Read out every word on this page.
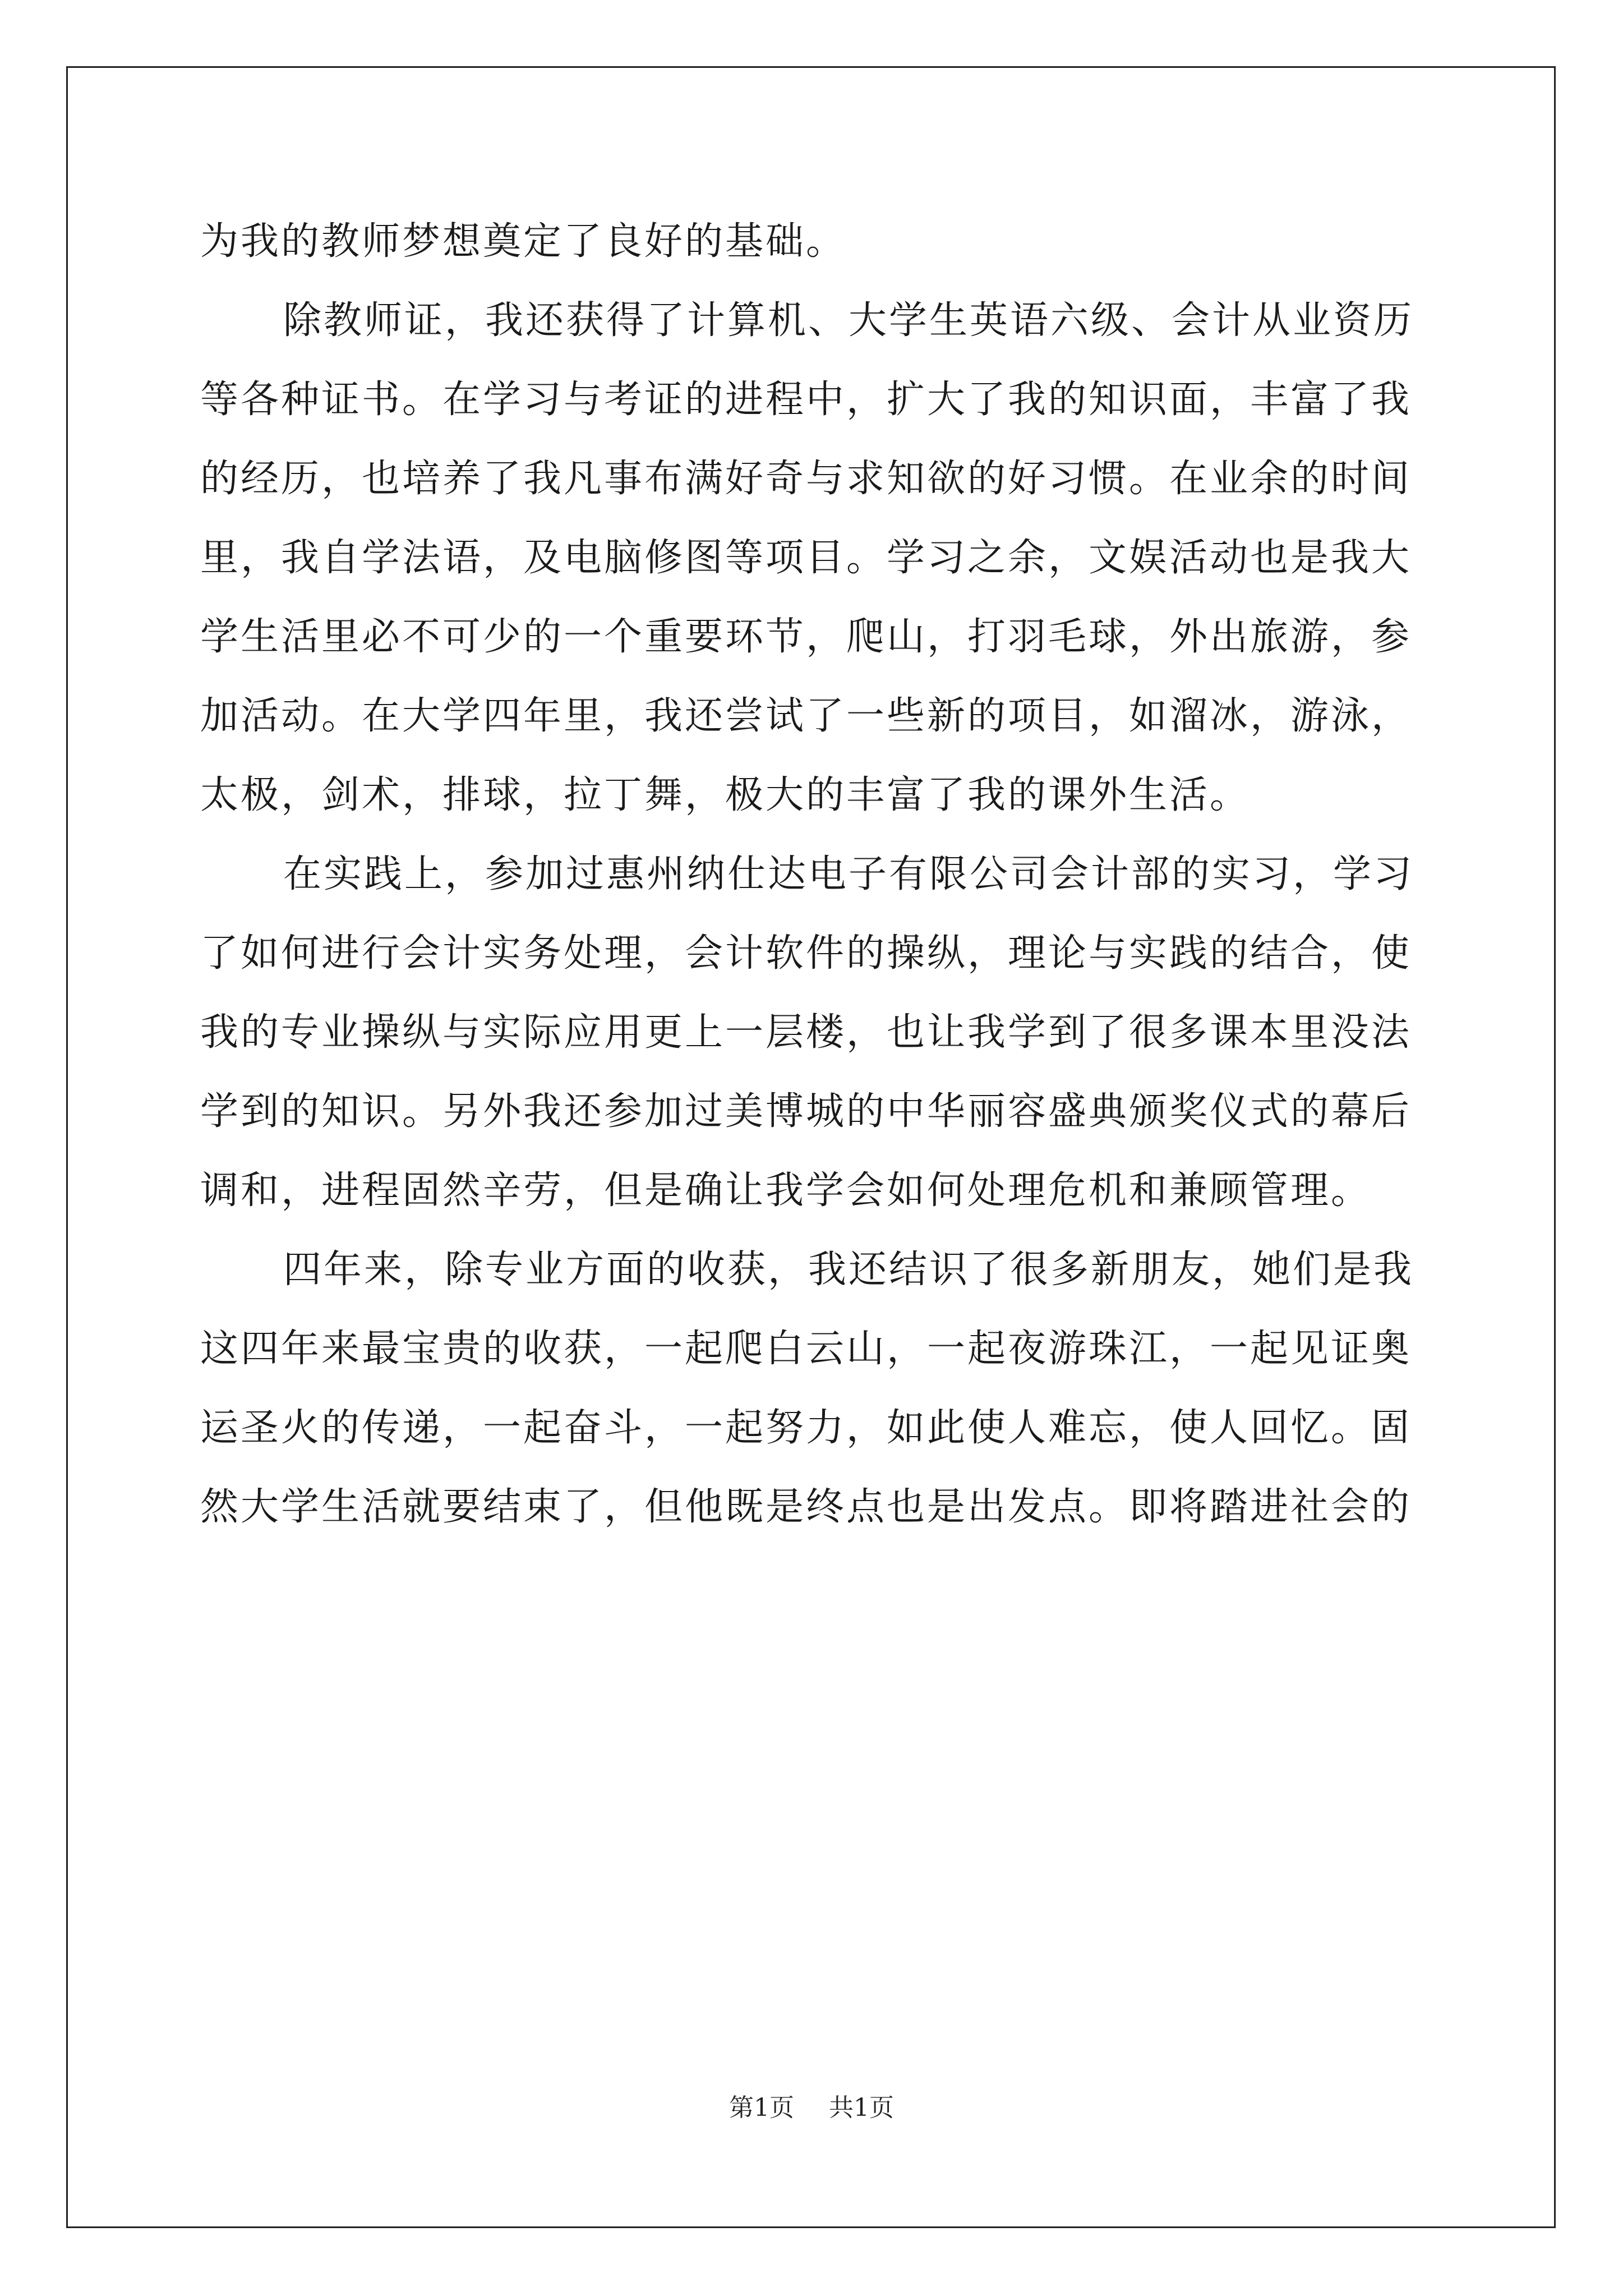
为我的教师梦想奠定了良好的基础。
除教师证，我还获得了计算机、大学生英语六级、会计从业资历
等各种证书。在学习与考证的进程中，扩大了我的知识面，丰富了我
的经历，也培养了我凡事布满好奇与求知欲的好习惯。在业余的时间
里，我自学法语，及电脑修图等项目。学习之余，文娱活动也是我大
学生活里必不可少的一个重要环节，爬山，打羽毛球，外出旅游，参
加活动。在大学四年里，我还尝试了一些新的项目，如溜冰，游泳，
太极，剑术，排球，拉丁舞，极大的丰富了我的课外生活。
在实践上，参加过惠州纳仕达电子有限公司会计部的实习，学习
了如何进行会计实务处理，会计软件的操纵，理论与实践的结合，使
我的专业操纵与实际应用更上一层楼，也让我学到了很多课本里没法
学到的知识。另外我还参加过美博城的中华丽容盛典颁奖仪式的幕后
调和，进程固然辛劳，但是确让我学会如何处理危机和兼顾管理。
四年来，除专业方面的收获，我还结识了很多新朋友，她们是我
这四年来最宝贵的收获，一起爬白云山，一起夜游珠江，一起见证奥
运圣火的传递，一起奋斗，一起努力，如此使人难忘，使人回忆。固
然大学生活就要结束了，但他既是终点也是出发点。即将踏进社会的
第1页 共1页
